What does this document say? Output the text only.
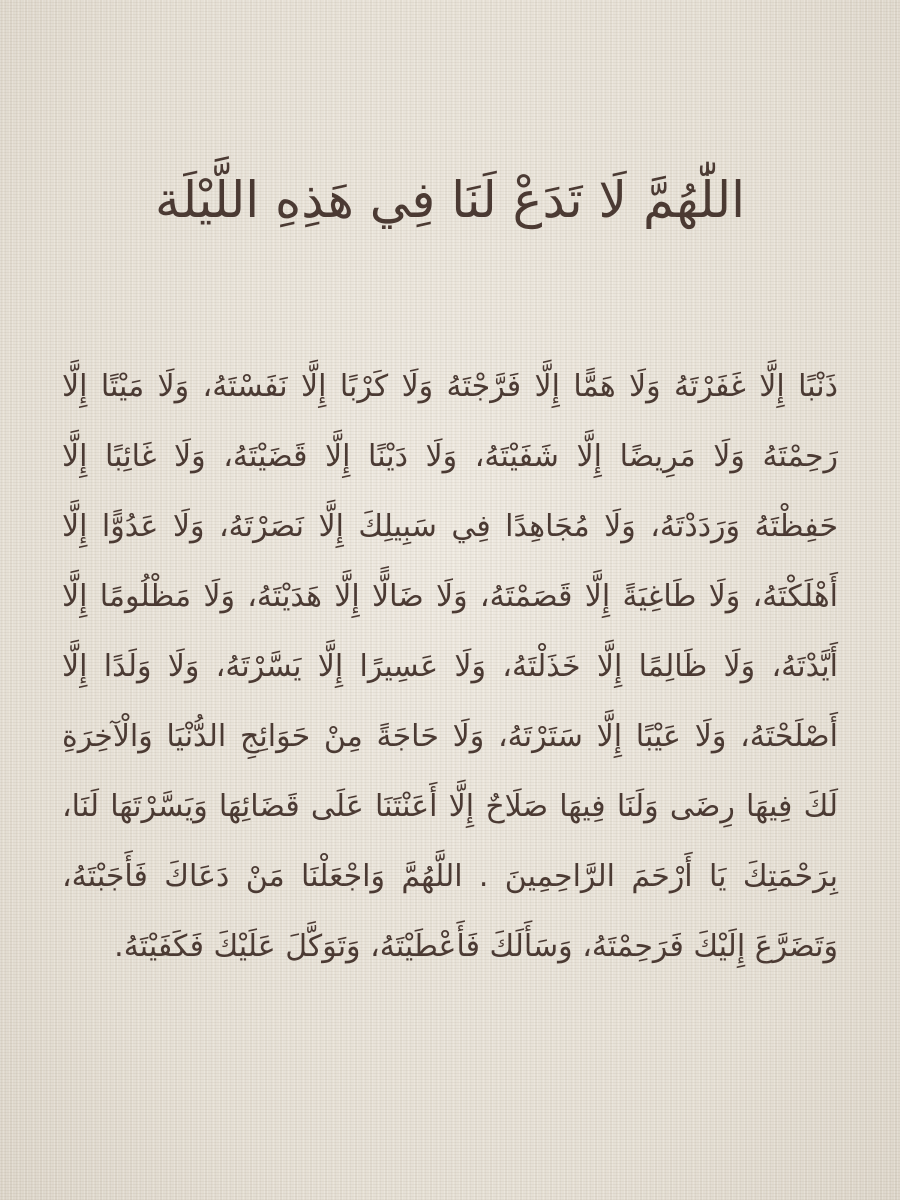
اللّٰهُمَّ لَا تَدَعْ لَنَا فِي هَذِهِ اللَّيْلَة

ذَنْبًا إِلَّا غَفَرْتَهُ وَلَا هَمًّا إِلَّا فَرَّجْتَهُ وَلَا كَرْبًا إِلَّا نَفَسْتَهُ، وَلَا مَيْتًا إِلَّا رَحِمْتَهُ وَلَا مَرِيضًا إِلَّا شَفَيْتَهُ، وَلَا دَيْنًا إِلَّا قَضَيْتَهُ، وَلَا غَائِبًا إِلَّا حَفِظْتَهُ وَرَدَدْتَهُ، وَلَا مُجَاهِدًا فِي سَبِيلِكَ إِلَّا نَصَرْتَهُ، وَلَا عَدُوًّا إِلَّا أَهْلَكْتَهُ، وَلَا طَاغِيَةً إِلَّا قَصَمْتَهُ، وَلَا ضَالًّا إِلَّا هَدَيْتَهُ، وَلَا مَظْلُومًا إِلَّا أَيَّدْتَهُ، وَلَا ظَالِمًا إِلَّا خَذَلْتَهُ، وَلَا عَسِيرًا إِلَّا يَسَّرْتَهُ، وَلَا وَلَدًا إِلَّا أَصْلَحْتَهُ، وَلَا عَيْبًا إِلَّا سَتَرْتَهُ، وَلَا حَاجَةً مِنْ حَوَائِجِ الدُّنْيَا وَالْآخِرَةِ لَكَ فِيهَا رِضَى وَلَنَا فِيهَا صَلَاحٌ إِلَّا أَعَنْتَنَا عَلَى قَضَائِهَا وَيَسَّرْتَهَا لَنَا، بِرَحْمَتِكَ يَا أَرْحَمَ الرَّاحِمِينَ . اللَّهُمَّ وَاجْعَلْنَا مَنْ دَعَاكَ فَأَجَبْتَهُ، وَتَضَرَّعَ إِلَيْكَ فَرَحِمْتَهُ، وَسَأَلَكَ فَأَعْطَيْتَهُ، وَتَوَكَّلَ عَلَيْكَ فَكَفَيْتَهُ.
